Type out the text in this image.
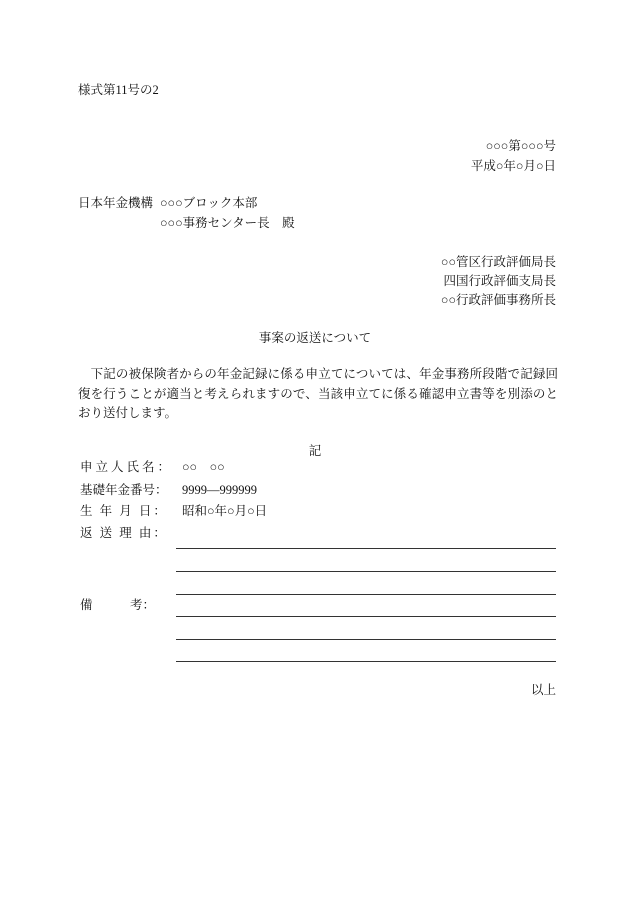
様式第11号の2
○○○第○○○号
平成○年○月○日
日本年金機構 ○○○ブロック本部
○○○事務センター長　殿
○○管区行政評価局長
四国行政評価支局長
○○行政評価事務所長
事案の返送について
　下記の被保険者からの年金記録に係る申立てについては、年金事務所段階で記録回復を行うことが適当と考えられますので、当該申立てに係る確認申立書等を別添のとおり送付します。
記
申立人氏名： ○○　○○
基礎年金番号： 9999―999999
生 年 月 日： 昭和○年○月○日
返 送 理 由：
備　　　考：
以上
